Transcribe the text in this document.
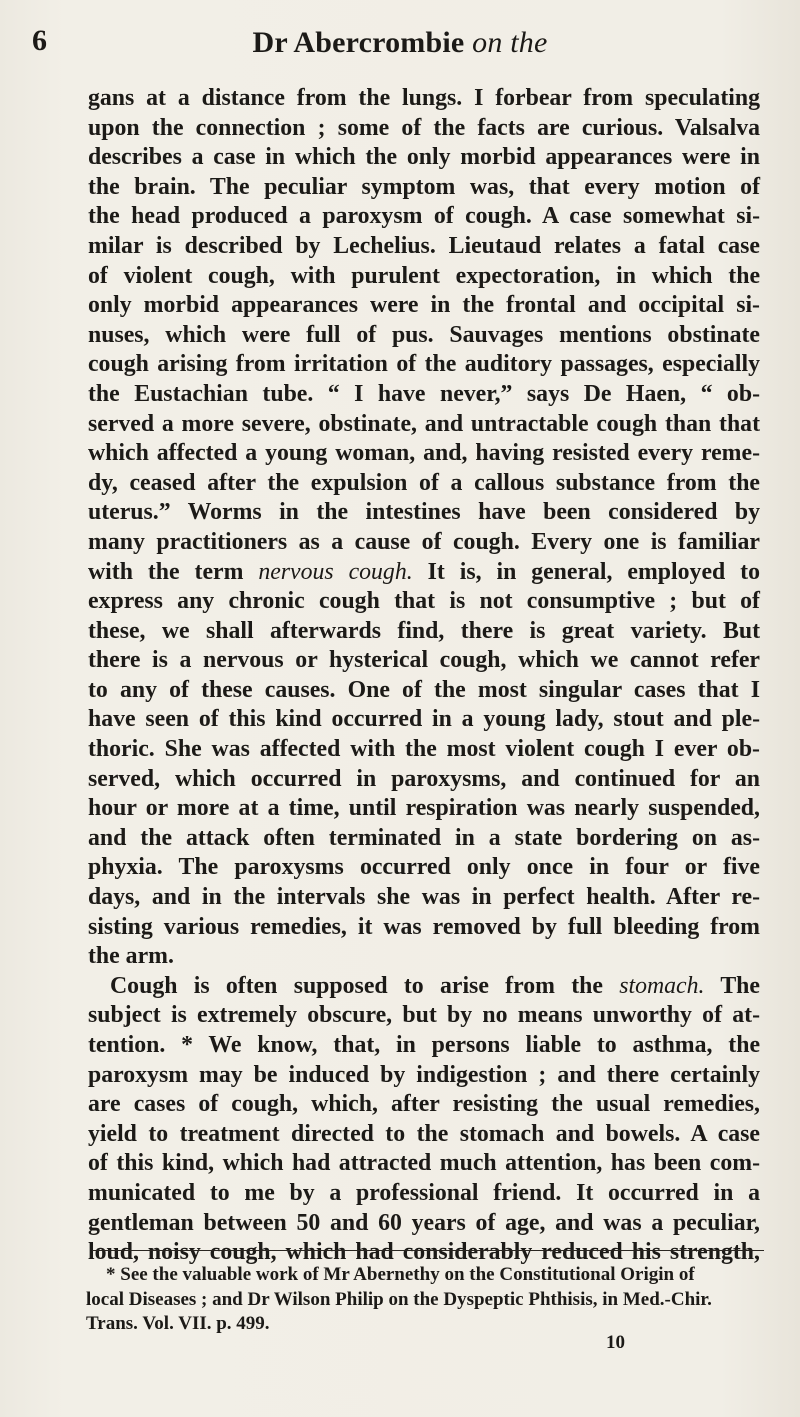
6	Dr Abercrombie on the
gans at a distance from the lungs. I forbear from speculating
upon the connection ; some of the facts are curious. Valsalva
describes a case in which the only morbid appearances were in
the brain. The peculiar symptom was, that every motion of
the head produced a paroxysm of cough. A case somewhat si-
milar is described by Lechelius. Lieutaud relates a fatal case
of violent cough, with purulent expectoration, in which the
only morbid appearances were in the frontal and occipital si-
nuses, which were full of pus. Sauvages mentions obstinate
cough arising from irritation of the auditory passages, especially
the Eustachian tube. “ I have never,” says De Haen, “ ob-
served a more severe, obstinate, and untractable cough than that
which affected a young woman, and, having resisted every reme-
dy, ceased after the expulsion of a callous substance from the
uterus.” Worms in the intestines have been considered by
many practitioners as a cause of cough. Every one is familiar
with the term nervous cough. It is, in general, employed to
express any chronic cough that is not consumptive ; but of
these, we shall afterwards find, there is great variety. But
there is a nervous or hysterical cough, which we cannot refer
to any of these causes. One of the most singular cases that I
have seen of this kind occurred in a young lady, stout and ple-
thoric. She was affected with the most violent cough I ever ob-
served, which occurred in paroxysms, and continued for an
hour or more at a time, until respiration was nearly suspended,
and the attack often terminated in a state bordering on as-
phyxia. The paroxysms occurred only once in four or five
days, and in the intervals she was in perfect health. After re-
sisting various remedies, it was removed by full bleeding from
the arm.
Cough is often supposed to arise from the stomach. The
subject is extremely obscure, but by no means unworthy of at-
tention. * We know, that, in persons liable to asthma, the
paroxysm may be induced by indigestion ; and there certainly
are cases of cough, which, after resisting the usual remedies,
yield to treatment directed to the stomach and bowels. A case
of this kind, which had attracted much attention, has been com-
municated to me by a professional friend. It occurred in a
gentleman between 50 and 60 years of age, and was a peculiar,
loud, noisy cough, which had considerably reduced his strength,
* See the valuable work of Mr Abernethy on the Constitutional Origin of
local Diseases ; and Dr Wilson Philip on the Dyspeptic Phthisis, in Med.-Chir.
Trans. Vol. VII. p. 499.
10
